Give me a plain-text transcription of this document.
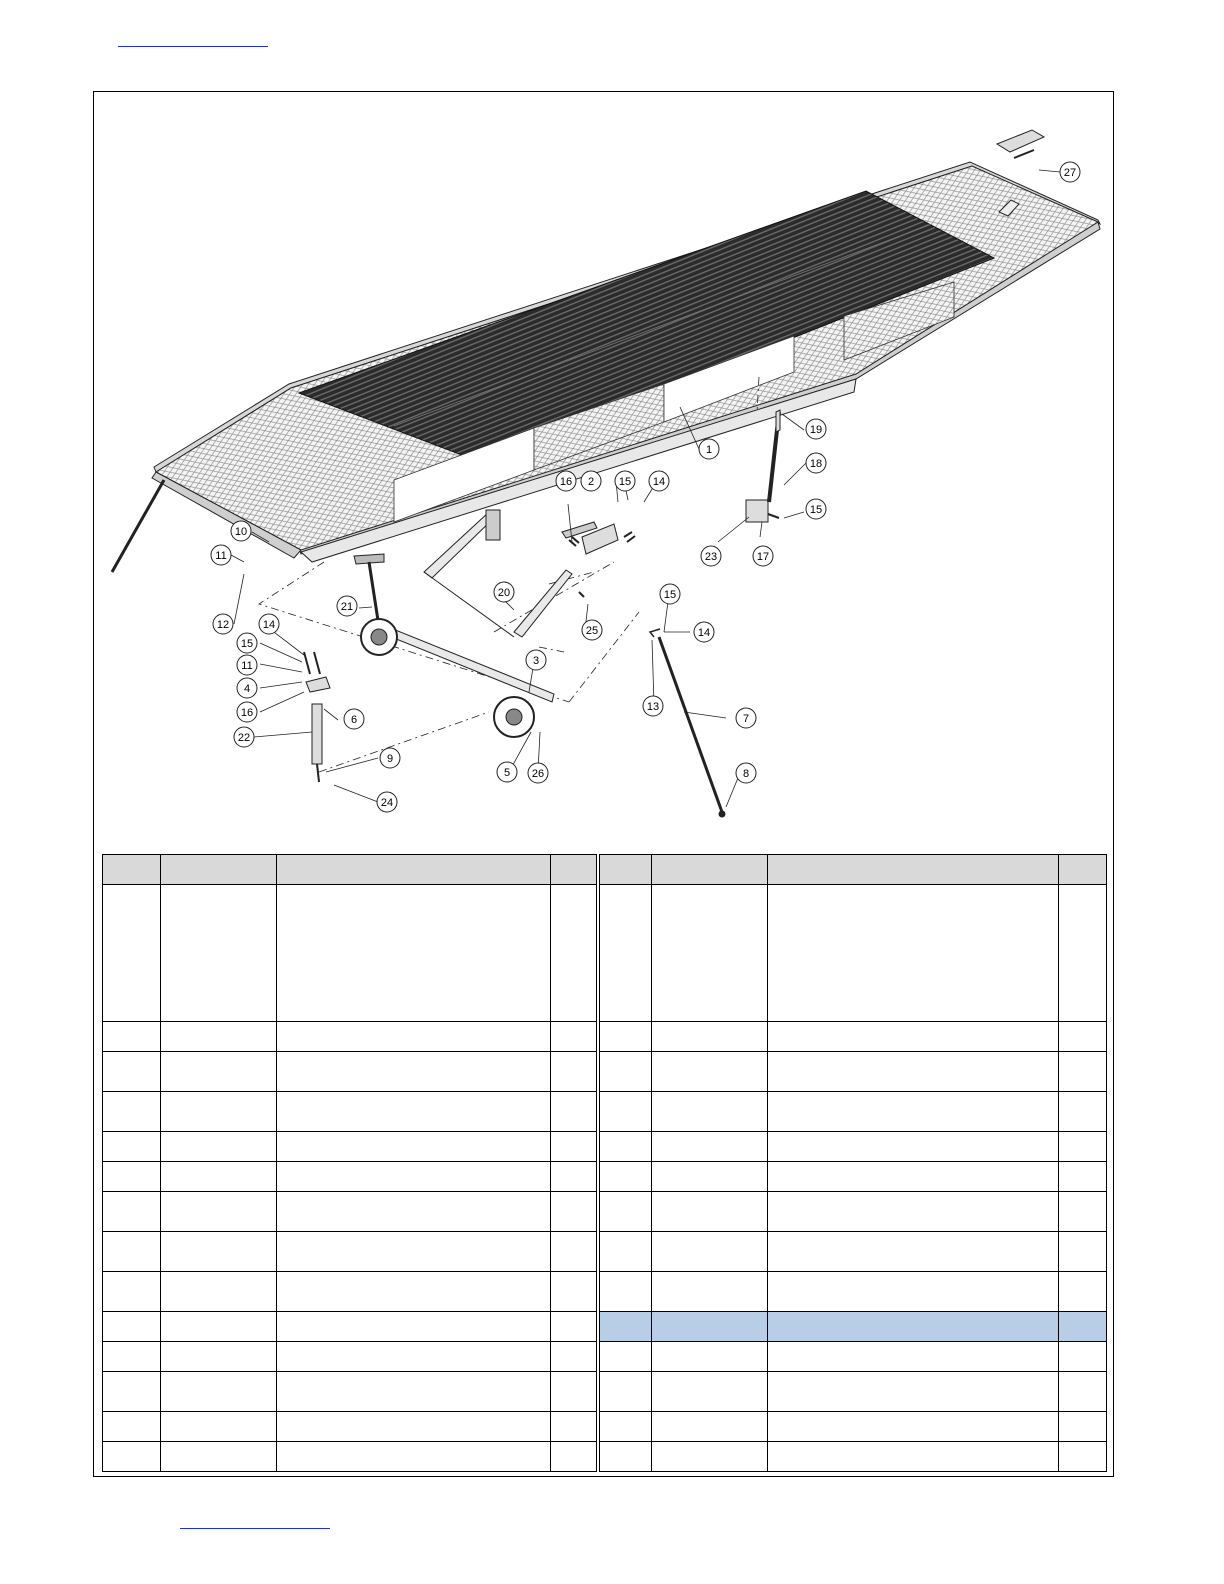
1
2
3
4
5
6	7
8
9
10
11
12
13
14
15
16
17
18
19
20
21
22
23
24
25
26
27
16	15 14
15
15
14
11
